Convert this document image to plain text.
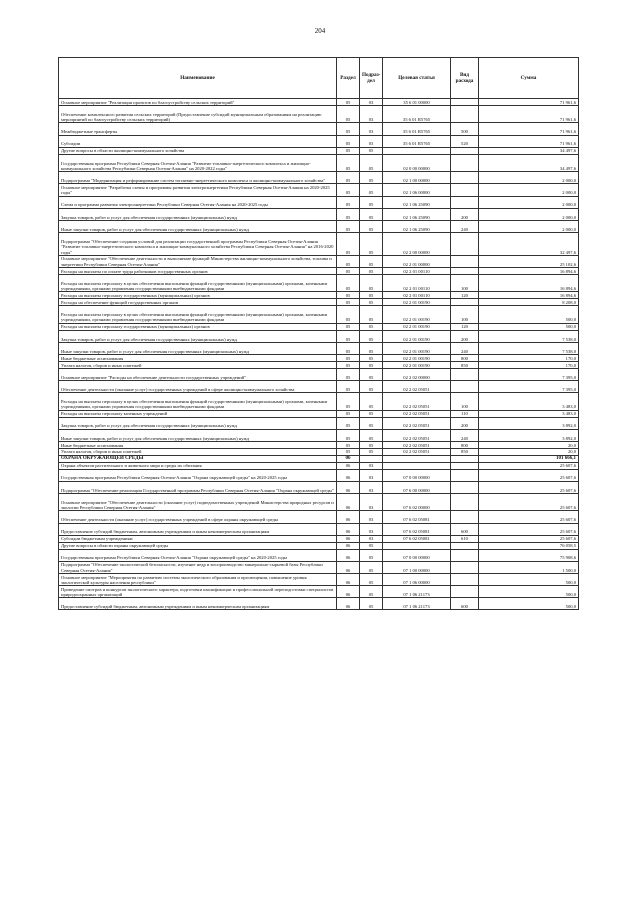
204
Наименование	Раздел	Подраз-дел	Целевая статья	Вид расхода	Сумма
Основное мероприятие "Реализация проектов по благоустройству сельских территорий"	05	03	35 6 01 00000		71 961,6
Обеспечение комплексного развития сельских территорий (Предоставление субсидий муниципальным образованиям на реализацию мероприятий по благоустройству сельских территорий)	05	03	35 6 01 R5765		71 961,6
Межбюджетные трансферты	05	03	35 6 01 R5765	500	71 961,6
Субсидии	05	03	35 6 01 R5765	520	71 961,6
Другие вопросы в области жилищно-коммунального хозяйства	05	05			34 497,6
Государственная программа Республики Северная Осетия-Алания "Развитие топливно-энергетического комплекса и жилищно-коммунального хозяйства Республики Северная Осетия-Алания" на 2020-2022 годы"	05	05	02 0 00 00000		34 497,6
Подпрограмма "Модернизация и реформирование систем топливно-энергетического комплекса и жилищно-коммунального хозяйства"	05	05	02 1 00 00000		2 000,0
Основное мероприятие "Разработка схемы и программы развития электроэнергетики Республики Северная Осетия-Алания на 2020-2025 годы"	05	05	02 1 06 00000		2 000,0
Схема и программа развития электроэнергетики Республики Северная Осетия-Алания на 2020-2025 годы	05	05	02 1 06 25090		2 000,0
Закупка товаров, работ и услуг для обеспечения государственных (муниципальных) нужд	05	05	02 1 06 25090	200	2 000,0
Иные закупки товаров, работ и услуг для обеспечения государственных (муниципальных) нужд	05	05	02 1 06 25090	240	2 000,0
Подпрограмма "Обеспечение создания условий для реализации государственной программы Республики Северная Осетия-Алания "Развитие топливно-энергетического комплекса и жилищно-коммунального хозяйства Республики Северная Осетия-Алания" на 2016-2020 годы"	05	05	02 2 00 00000		32 497,6
Основное мероприятие "Обеспечение деятельности и выполнение функций Министерства жилищно-коммунального хозяйства, топлива и энергетики Республики Северная Осетия-Алания"	05	05	02 2 01 00000		25 102,6
Расходы на выплаты по оплате труда работников государственных органов	05	05	02 2 01 00110		16 894,6
Расходы на выплаты персоналу в целях обеспечения выполнения функций государственными (муниципальными) органами, казенными учреждениями, органами управления государственными внебюджетными фондами	05	05	02 2 01 00110	100	16 894,6
Расходы на выплаты персоналу государственных (муниципальных) органов	05	05	02 2 01 00110	120	16 894,6
Расходы на обеспечение функций государственных органов	05	05	02 2 01 00190		8 208,0
Расходы на выплаты персоналу в целях обеспечения выполнения функций государственными (муниципальными) органами, казенными учреждениями, органами управления государственными внебюджетными фондами	05	05	02 2 01 00190	100	500,0
Расходы на выплаты персоналу государственных (муниципальных) органов	05	05	02 2 01 00190	120	500,0
Закупка товаров, работ и услуг для обеспечения государственных (муниципальных) нужд	05	05	02 2 01 00190	200	7 538,0
Иные закупки товаров, работ и услуг для обеспечения государственных (муниципальных) нужд	05	05	02 2 01 00190	240	7 538,0
Иные бюджетные ассигнования	05	05	02 2 01 00190	800	170,0
Уплата налогов, сборов и иных платежей	05	05	02 2 01 00190	850	170,0
Основное мероприятие "Расходы на обеспечение деятельности государственных учреждений"	05	05	02 2 02 00000		7 395,0
Обеспечение деятельности (оказание услуг) государственных учреждений в сфере жилищно-коммунального хозяйства	05	05	02 2 02 05051		7 395,0
Расходы на выплаты персоналу в целях обеспечения выполнения функций государственными (муниципальными) органами, казенными учреждениями, органами управления государственными внебюджетными фондами	05	05	02 2 02 05051	100	3 483,0
Расходы на выплаты персоналу казенных учреждений	05	05	02 2 02 05051	110	3 483,0
Закупка товаров, работ и услуг для обеспечения государственных (муниципальных) нужд	05	05	02 2 02 05051	200	3 892,0
Иные закупки товаров, работ и услуг для обеспечения государственных (муниципальных) нужд	05	05	02 2 02 05051	240	3 892,0
Иные бюджетные ассигнования	05	05	02 2 02 05051	800	20,0
Уплата налогов, сборов и иных платежей	05	05	02 2 02 05051	850	20,0
ОХРАНА ОКРУЖАЮЩЕЙ СРЕДЫ	06				101 666,1
Охрана объектов растительного и животного мира и среды их обитания	06	03			25 607,6
Государственная программа Республики Северная Осетия-Алания "Охрана окружающей среды" на 2020-2025 годы	06	03	07 0 00 00000		25 607,6
Подпрограмма "Обеспечение реализации Государственной программы Республики Северная Осетия-Алания "Охрана окружающей среды"	06	03	07 6 00 00000		25 607,6
Основное мероприятие "Обеспечение деятельности (оказание услуг) подведомственных учреждений Министерства природных ресурсов и экологии Республики Северная Осетия-Алания"	06	03	07 6 02 00000		25 607,6
Обеспечение деятельности (оказание услуг) государственных учреждений в сфере охраны окружающей среды	06	03	07 6 02 05081		25 607,6
Предоставление субсидий бюджетным, автономным учреждениям и иным некоммерческим организациям	06	03	07 6 02 05081	600	25 607,6
Субсидии бюджетным учреждениям	06	03	07 6 02 05081	610	25 607,6
Другие вопросы в области охраны окружающей среды	06	05			76 058,5
Государственная программа Республики Северная Осетия-Алания "Охрана окружающей среды" на 2020-2025 годы	06	05	07 0 00 00000		75 908,6
Подпрограмма "Обеспечение экологической безопасности, изучение недр и воспроизводство минерально-сырьевой базы Республики Северная Осетия-Алания"	06	05	07 1 00 00000		1 500,0
Основное мероприятие "Мероприятия по развитию системы экологического образования и просвещения, повышение уровня экологической культуры населения республики"	06	05	07 1 06 00000		500,0
Проведение смотров и конкурсов экологического характера, подготовки квалификации и профессиональной переподготовки специалистов природоохранных организаций	06	05	07 1 06 21173		500,0
Предоставление субсидий бюджетным, автономным учреждениям и иным некоммерческим организациям	06	05	07 1 06 21173	600	500,0
